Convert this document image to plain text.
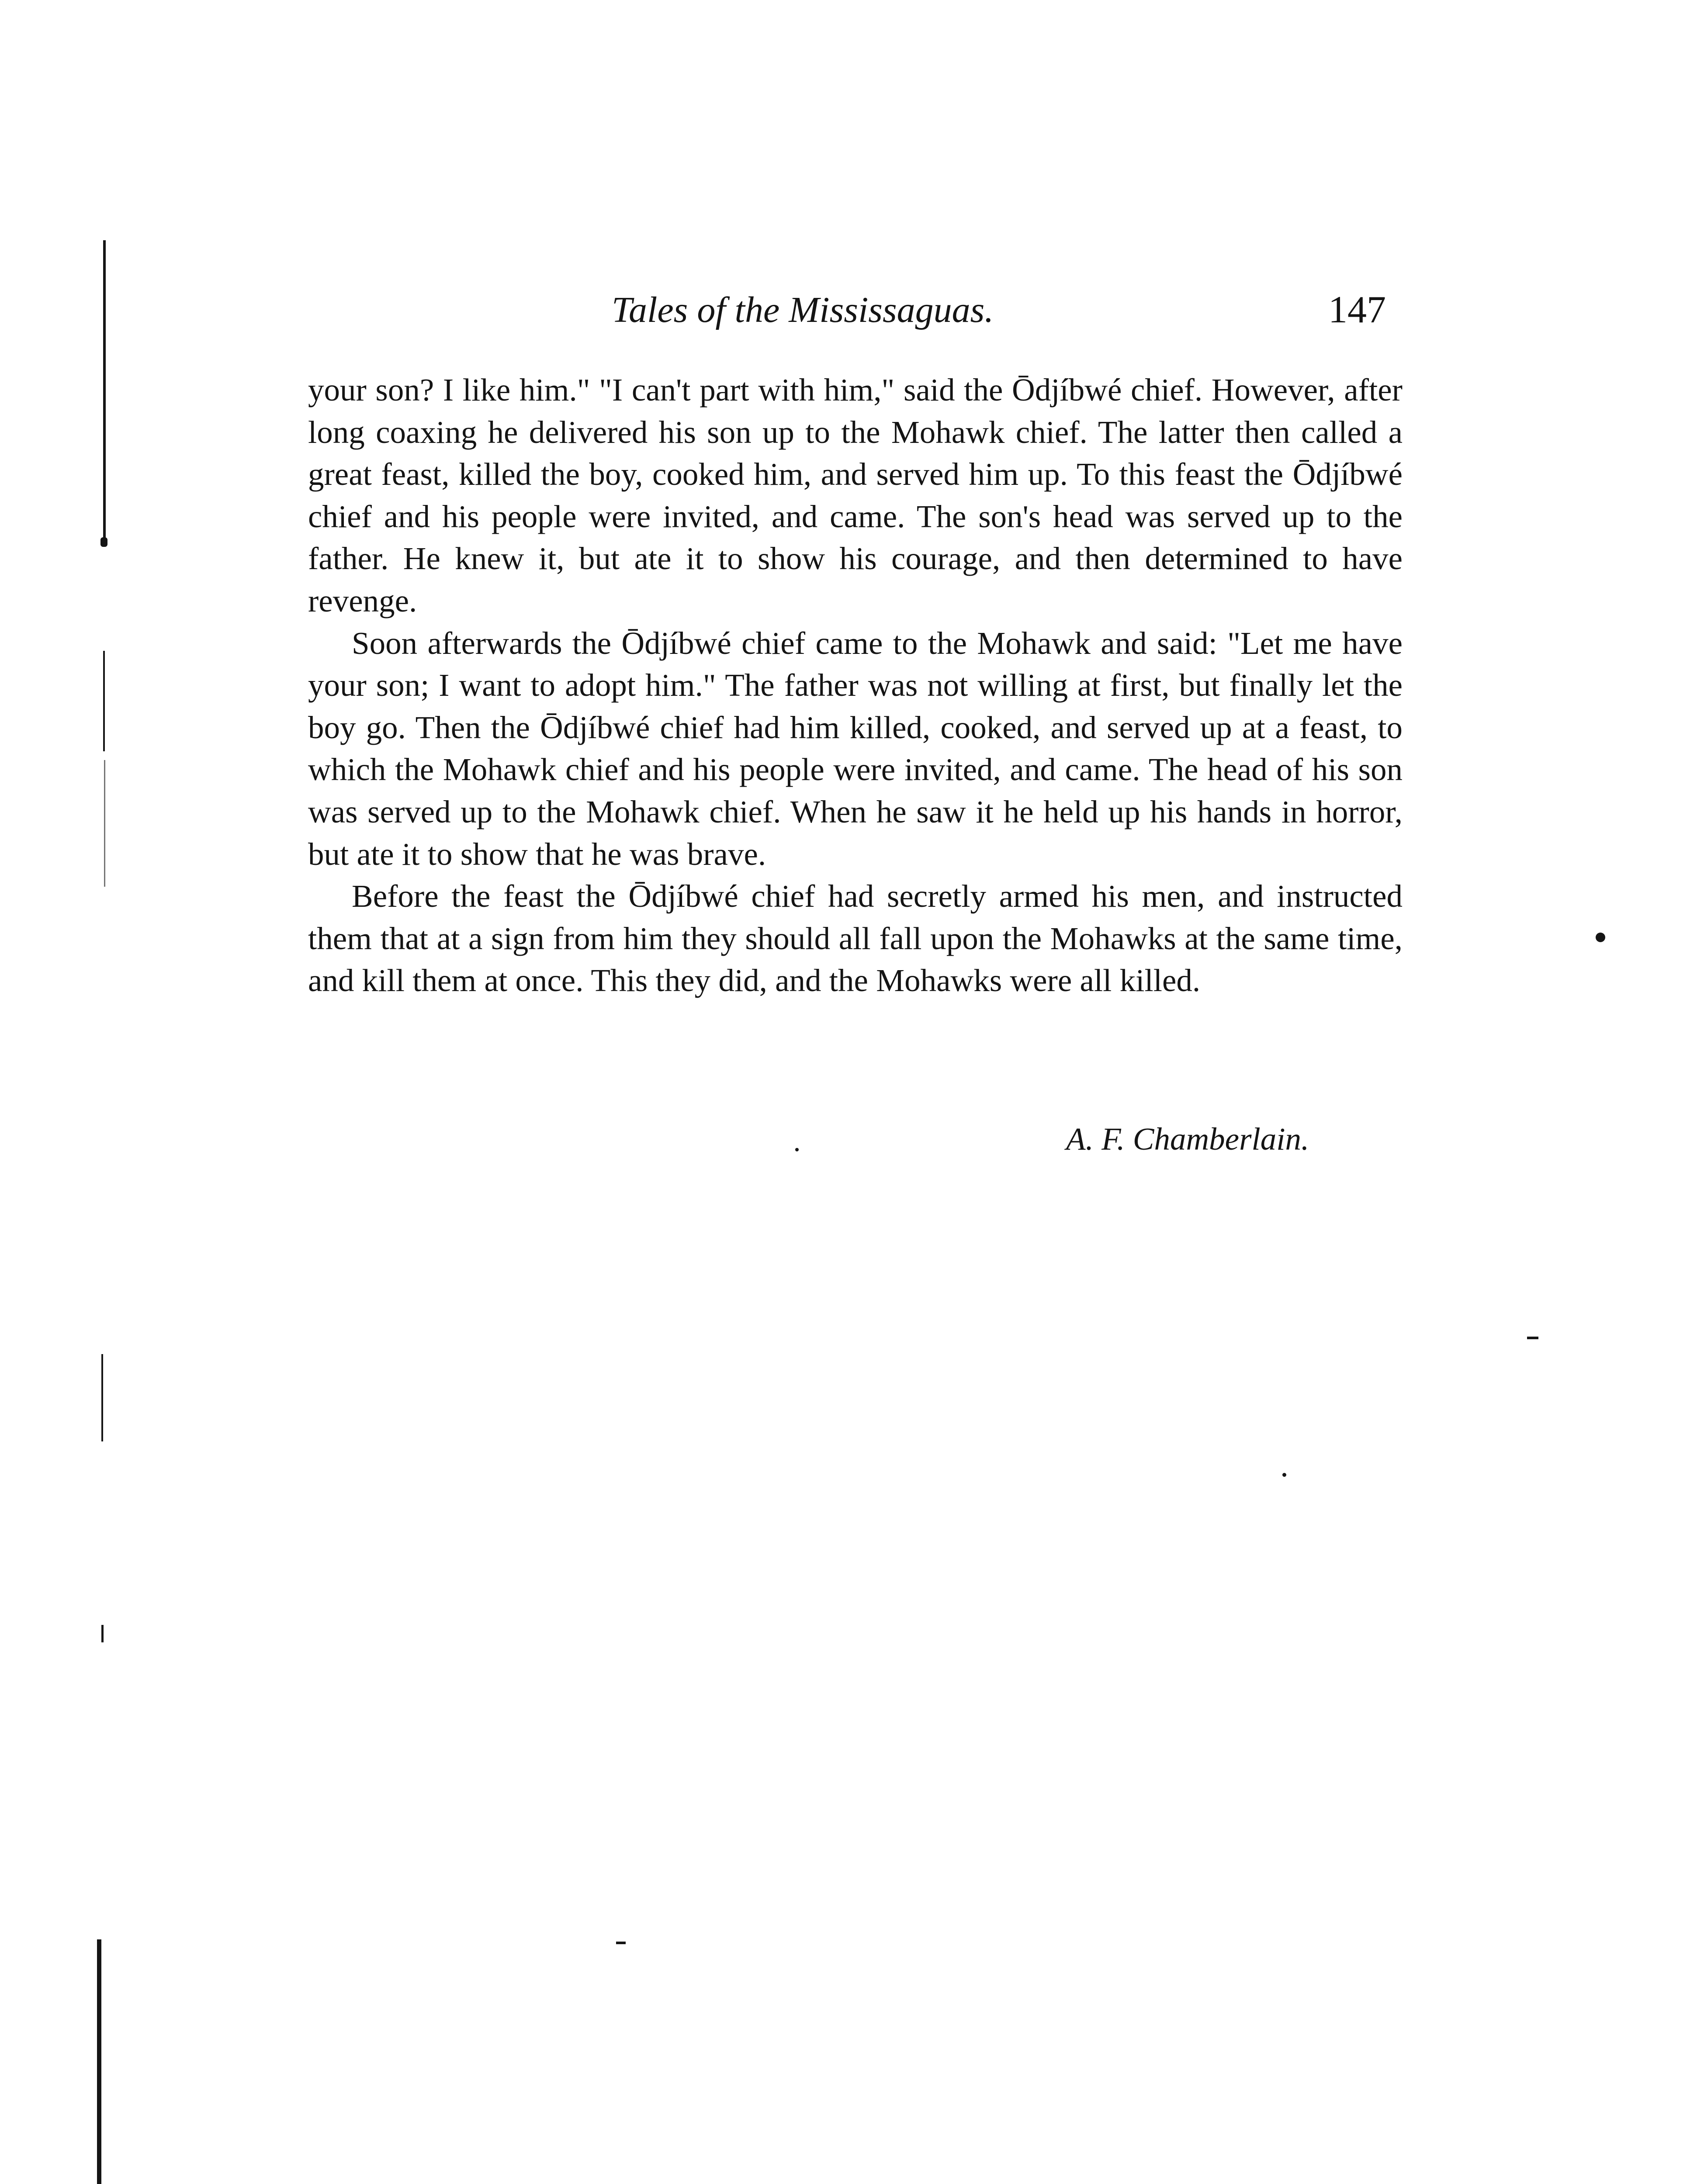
Tales of the Mississaguas.	147

your son? I like him." "I can't part with him," said the Ōdjíbwé chief. However, after long coaxing he delivered his son up to the Mohawk chief. The latter then called a great feast, killed the boy, cooked him, and served him up. To this feast the Ōdjíbwé chief and his people were invited, and came. The son's head was served up to the father. He knew it, but ate it to show his courage, and then determined to have revenge.

Soon afterwards the Ōdjíbwé chief came to the Mohawk and said: "Let me have your son; I want to adopt him." The father was not willing at first, but finally let the boy go. Then the Ōdjíbwé chief had him killed, cooked, and served up at a feast, to which the Mohawk chief and his people were invited, and came. The head of his son was served up to the Mohawk chief. When he saw it he held up his hands in horror, but ate it to show that he was brave.

Before the feast the Ōdjíbwé chief had secretly armed his men, and instructed them that at a sign from him they should all fall upon the Mohawks at the same time, and kill them at once. This they did, and the Mohawks were all killed.

A. F. Chamberlain.
